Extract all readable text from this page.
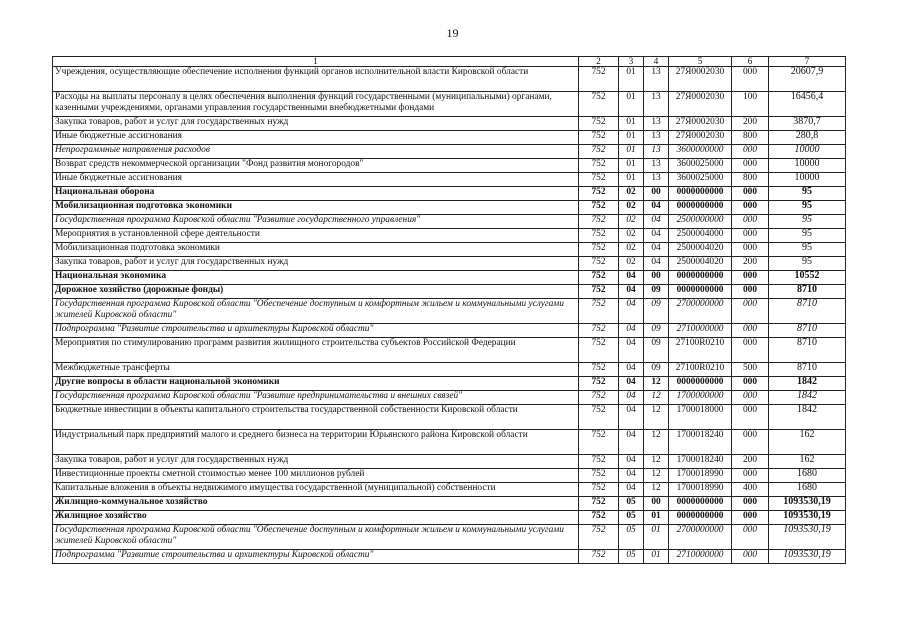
19
1	2	3	4	5	6	7
Учреждения, осуществляющие обеспечение исполнения функций органов исполнительной власти Кировской области	752	01	13	27Я0002030	000	20607,9
Расходы на выплаты персоналу в целях обеспечения выполнения функций государственными (муниципальными) органами, казенными учреждениями, органами управления государственными внебюджетными фондами	752	01	13	27Я0002030	100	16456,4
Закупка товаров, работ и услуг для государственных нужд	752	01	13	27Я0002030	200	3870,7
Иные бюджетные ассигнования	752	01	13	27Я0002030	800	280,8
Непрограммные направления расходов	752	01	13	3600000000	000	10000
Возврат средств некоммерческой организации "Фонд развития моногородов"	752	01	13	3600025000	000	10000
Иные бюджетные ассигнования	752	01	13	3600025000	800	10000
Национальная оборона	752	02	00	0000000000	000	95
Мобилизационная подготовка экономики	752	02	04	0000000000	000	95
Государственная программа Кировской области "Развитие государственного управления"	752	02	04	2500000000	000	95
Мероприятия в установленной сфере деятельности	752	02	04	2500004000	000	95
Мобилизационная подготовка экономики	752	02	04	2500004020	000	95
Закупка товаров, работ и услуг для государственных нужд	752	02	04	2500004020	200	95
Национальная экономика	752	04	00	0000000000	000	10552
Дорожное хозяйство (дорожные фонды)	752	04	09	0000000000	000	8710
Государственная программа Кировской области "Обеспечение доступным и комфортным жильем и коммунальными услугами жителей Кировской области"	752	04	09	2700000000	000	8710
Подпрограмма "Развитие строительства и архитектуры Кировской области"	752	04	09	2710000000	000	8710
Мероприятия по стимулированию программ развития жилищного строительства субъектов Российской Федерации	752	04	09	27100R0210	000	8710
Межбюджетные трансферты	752	04	09	27100R0210	500	8710
Другие вопросы в области национальной экономики	752	04	12	0000000000	000	1842
Государственная программа Кировской области "Развитие предпринимательства и внешних связей"	752	04	12	1700000000	000	1842
Бюджетные инвестиции в объекты капитального строительства государственной собственности Кировской области	752	04	12	1700018000	000	1842
Индустриальный парк предприятий малого и среднего бизнеса на территории Юрьянского района Кировской области	752	04	12	1700018240	000	162
Закупка товаров, работ и услуг для государственных нужд	752	04	12	1700018240	200	162
Инвестиционные проекты сметной стоимостью менее 100 миллионов рублей	752	04	12	1700018990	000	1680
Капитальные вложения в объекты недвижимого имущества государственной (муниципальной) собственности	752	04	12	1700018990	400	1680
Жилищно-коммунальное хозяйство	752	05	00	0000000000	000	1093530,19
Жилищное хозяйство	752	05	01	0000000000	000	1093530,19
Государственная программа Кировской области "Обеспечение доступным и комфортным жильем и коммунальными услугами жителей Кировской области"	752	05	01	2700000000	000	1093530,19
Подпрограмма "Развитие строительства и архитектуры Кировской области"	752	05	01	2710000000	000	1093530,19
